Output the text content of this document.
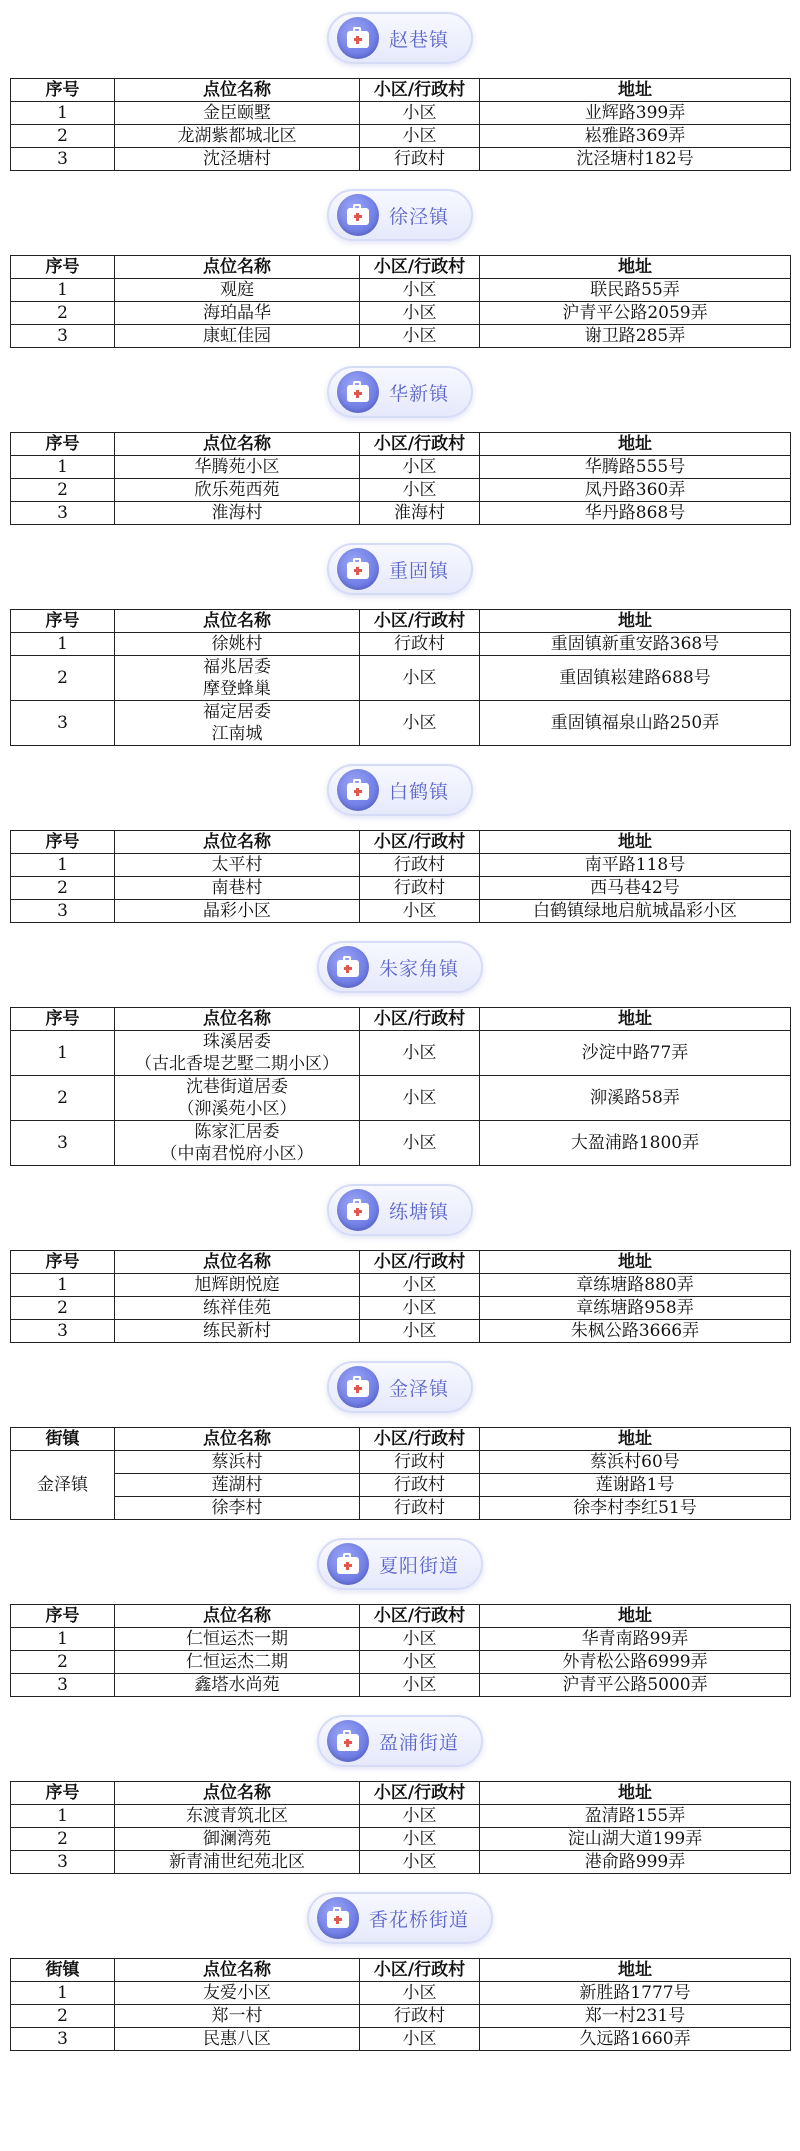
赵巷镇
序号	点位名称	小区/行政村	地址
1	金臣颐墅	小区	业辉路399弄
2	龙湖紫都城北区	小区	崧雅路369弄
3	沈泾塘村	行政村	沈泾塘村182号
徐泾镇
序号	点位名称	小区/行政村	地址
1	观庭	小区	联民路55弄
2	海珀晶华	小区	沪青平公路2059弄
3	康虹佳园	小区	谢卫路285弄
华新镇
序号	点位名称	小区/行政村	地址
1	华腾苑小区	小区	华腾路555号
2	欣乐苑西苑	小区	凤丹路360弄
3	淮海村	淮海村	华丹路868号
重固镇
序号	点位名称	小区/行政村	地址
1	徐姚村	行政村	重固镇新重安路368号
2	福兆居委
摩登蜂巢	小区	重固镇崧建路688号
3	福定居委
江南城	小区	重固镇福泉山路250弄
白鹤镇
序号	点位名称	小区/行政村	地址
1	太平村	行政村	南平路118号
2	南巷村	行政村	西马巷42号
3	晶彩小区	小区	白鹤镇绿地启航城晶彩小区
朱家角镇
序号	点位名称	小区/行政村	地址
1	珠溪居委
（古北香堤艺墅二期小区）	小区	沙淀中路77弄
2	沈巷街道居委
（泖溪苑小区）	小区	泖溪路58弄
3	陈家汇居委
（中南君悦府小区）	小区	大盈浦路1800弄
练塘镇
序号	点位名称	小区/行政村	地址
1	旭辉朗悦庭	小区	章练塘路880弄
2	练祥佳苑	小区	章练塘路958弄
3	练民新村	小区	朱枫公路3666弄
金泽镇
街镇	点位名称	小区/行政村	地址
金泽镇	蔡浜村	行政村	蔡浜村60号

	莲湖村	行政村	莲谢路1号

	徐李村	行政村	徐李村李红51号
夏阳街道
序号	点位名称	小区/行政村	地址
1	仁恒运杰一期	小区	华青南路99弄
2	仁恒运杰二期	小区	外青松公路6999弄
3	鑫塔水尚苑	小区	沪青平公路5000弄
盈浦街道
序号	点位名称	小区/行政村	地址
1	东渡青筑北区	小区	盈清路155弄
2	御澜湾苑	小区	淀山湖大道199弄
3	新青浦世纪苑北区	小区	港俞路999弄
香花桥街道
街镇	点位名称	小区/行政村	地址
1	友爱小区	小区	新胜路1777号
2	郑一村	行政村	郑一村231号
3	民惠八区	小区	久远路1660弄
